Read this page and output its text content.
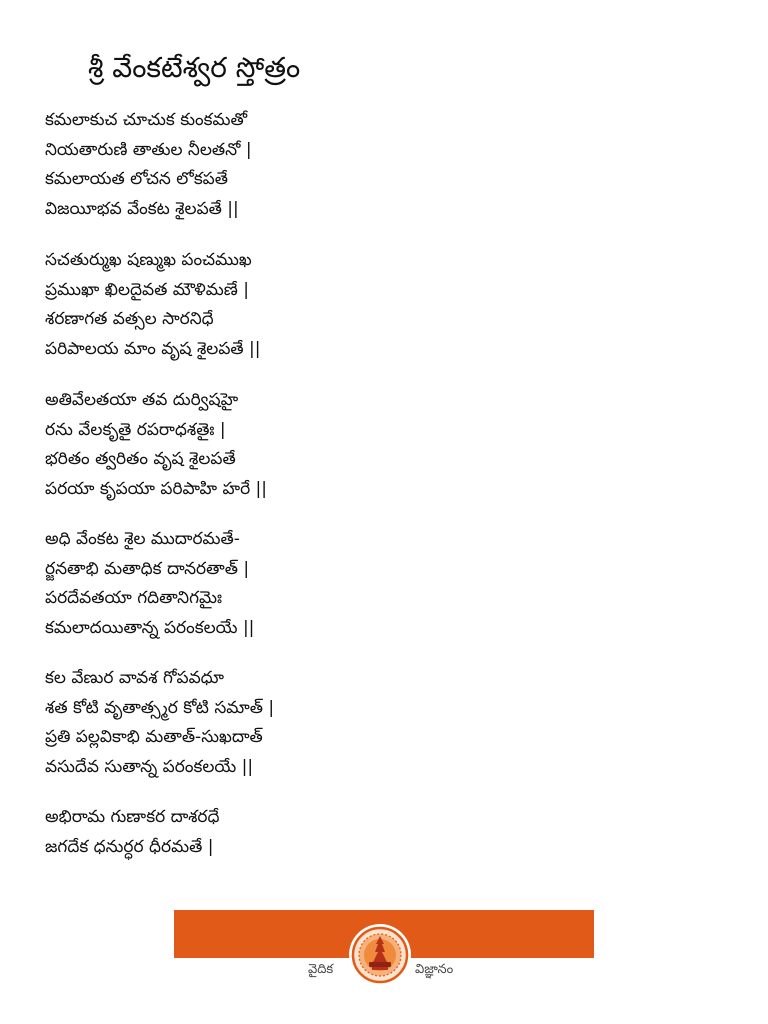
శ్రీ వేంకటేశ్వర స్తోత్రం
కమలాకుచ చూచుక కుంకమతో
నియతారుణి తాతుల నీలతనో |
కమలాయత లోచన లోకపతే
విజయీభవ వేంకట శైలపతే ||
సచతుర్ముఖ షణ్ముఖ పంచముఖ
ప్రముఖా ఖిలదైవత మౌళిమణే |
శరణాగత వత్సల సారనిధే
పరిపాలయ మాం వృష శైలపతే ||
అతివేలతయా తవ దుర్విషహై
రను వేలకృతై రపరాధశతైః |
భరితం త్వరితం వృష శైలపతే
పరయా కృపయా పరిపాహి హరే ||
అధి వేంకట శైల ముదారమతే-
ర్జనతాభి మతాధిక దానరతాత్ |
పరదేవతయా గదితానిగమైః
కమలాదయితాన్న పరంకలయే ||
కల వేణుర వావశ గోపవధూ
శత కోటి వృతాత్స్మర కోటి సమాత్ |
ప్రతి పల్లవికాభి మతాత్-సుఖదాత్
వసుదేవ సుతాన్న పరంకలయే ||
అభిరామ గుణాకర దాశరధే
జగదేక ధనుర్ధర ధీరమతే |
వైదిక	విజ్ఞానం
